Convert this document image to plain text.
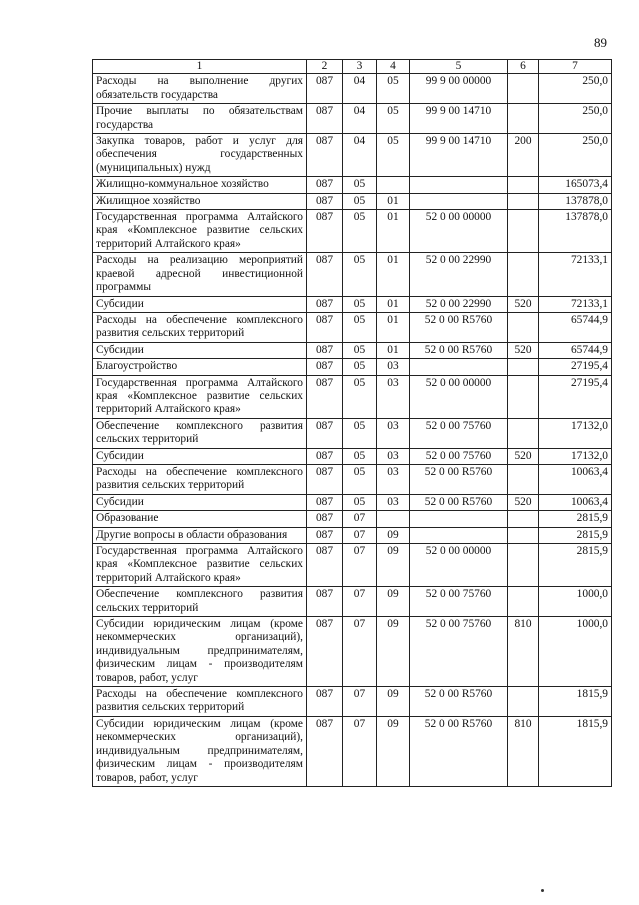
89
1	2	3	4	5	6	7
Расходы на выполнение других обязательств государства	087	04	05	99 9 00 00000		250,0
Прочие выплаты по обязательствам государства	087	04	05	99 9 00 14710		250,0
Закупка товаров, работ и услуг для обеспечения государственных (муниципальных) нужд	087	04	05	99 9 00 14710	200	250,0
Жилищно-коммунальное хозяйство	087	05				165073,4
Жилищное хозяйство	087	05	01			137878,0
Государственная программа Алтайского края «Комплексное развитие сельских территорий Алтайского края»	087	05	01	52 0 00 00000		137878,0
Расходы на реализацию мероприятий краевой адресной инвестиционной программы	087	05	01	52 0 00 22990		72133,1
Субсидии	087	05	01	52 0 00 22990	520	72133,1
Расходы на обеспечение комплексного развития сельских территорий	087	05	01	52 0 00 R5760		65744,9
Субсидии	087	05	01	52 0 00 R5760	520	65744,9
Благоустройство	087	05	03			27195,4
Государственная программа Алтайского края «Комплексное развитие сельских территорий Алтайского края»	087	05	03	52 0 00 00000		27195,4
Обеспечение комплексного развития сельских территорий	087	05	03	52 0 00 75760		17132,0
Субсидии	087	05	03	52 0 00 75760	520	17132,0
Расходы на обеспечение комплексного развития сельских территорий	087	05	03	52 0 00 R5760		10063,4
Субсидии	087	05	03	52 0 00 R5760	520	10063,4
Образование	087	07				2815,9
Другие вопросы в области образования	087	07	09			2815,9
Государственная программа Алтайского края «Комплексное развитие сельских территорий Алтайского края»	087	07	09	52 0 00 00000		2815,9
Обеспечение комплексного развития сельских территорий	087	07	09	52 0 00 75760		1000,0
Субсидии юридическим лицам (кроме некоммерческих организаций), индивидуальным предпринимателям, физическим лицам - производителям товаров, работ, услуг	087	07	09	52 0 00 75760	810	1000,0
Расходы на обеспечение комплексного развития сельских территорий	087	07	09	52 0 00 R5760		1815,9
Субсидии юридическим лицам (кроме некоммерческих организаций), индивидуальным предпринимателям, физическим лицам - производителям товаров, работ, услуг	087	07	09	52 0 00 R5760	810	1815,9
